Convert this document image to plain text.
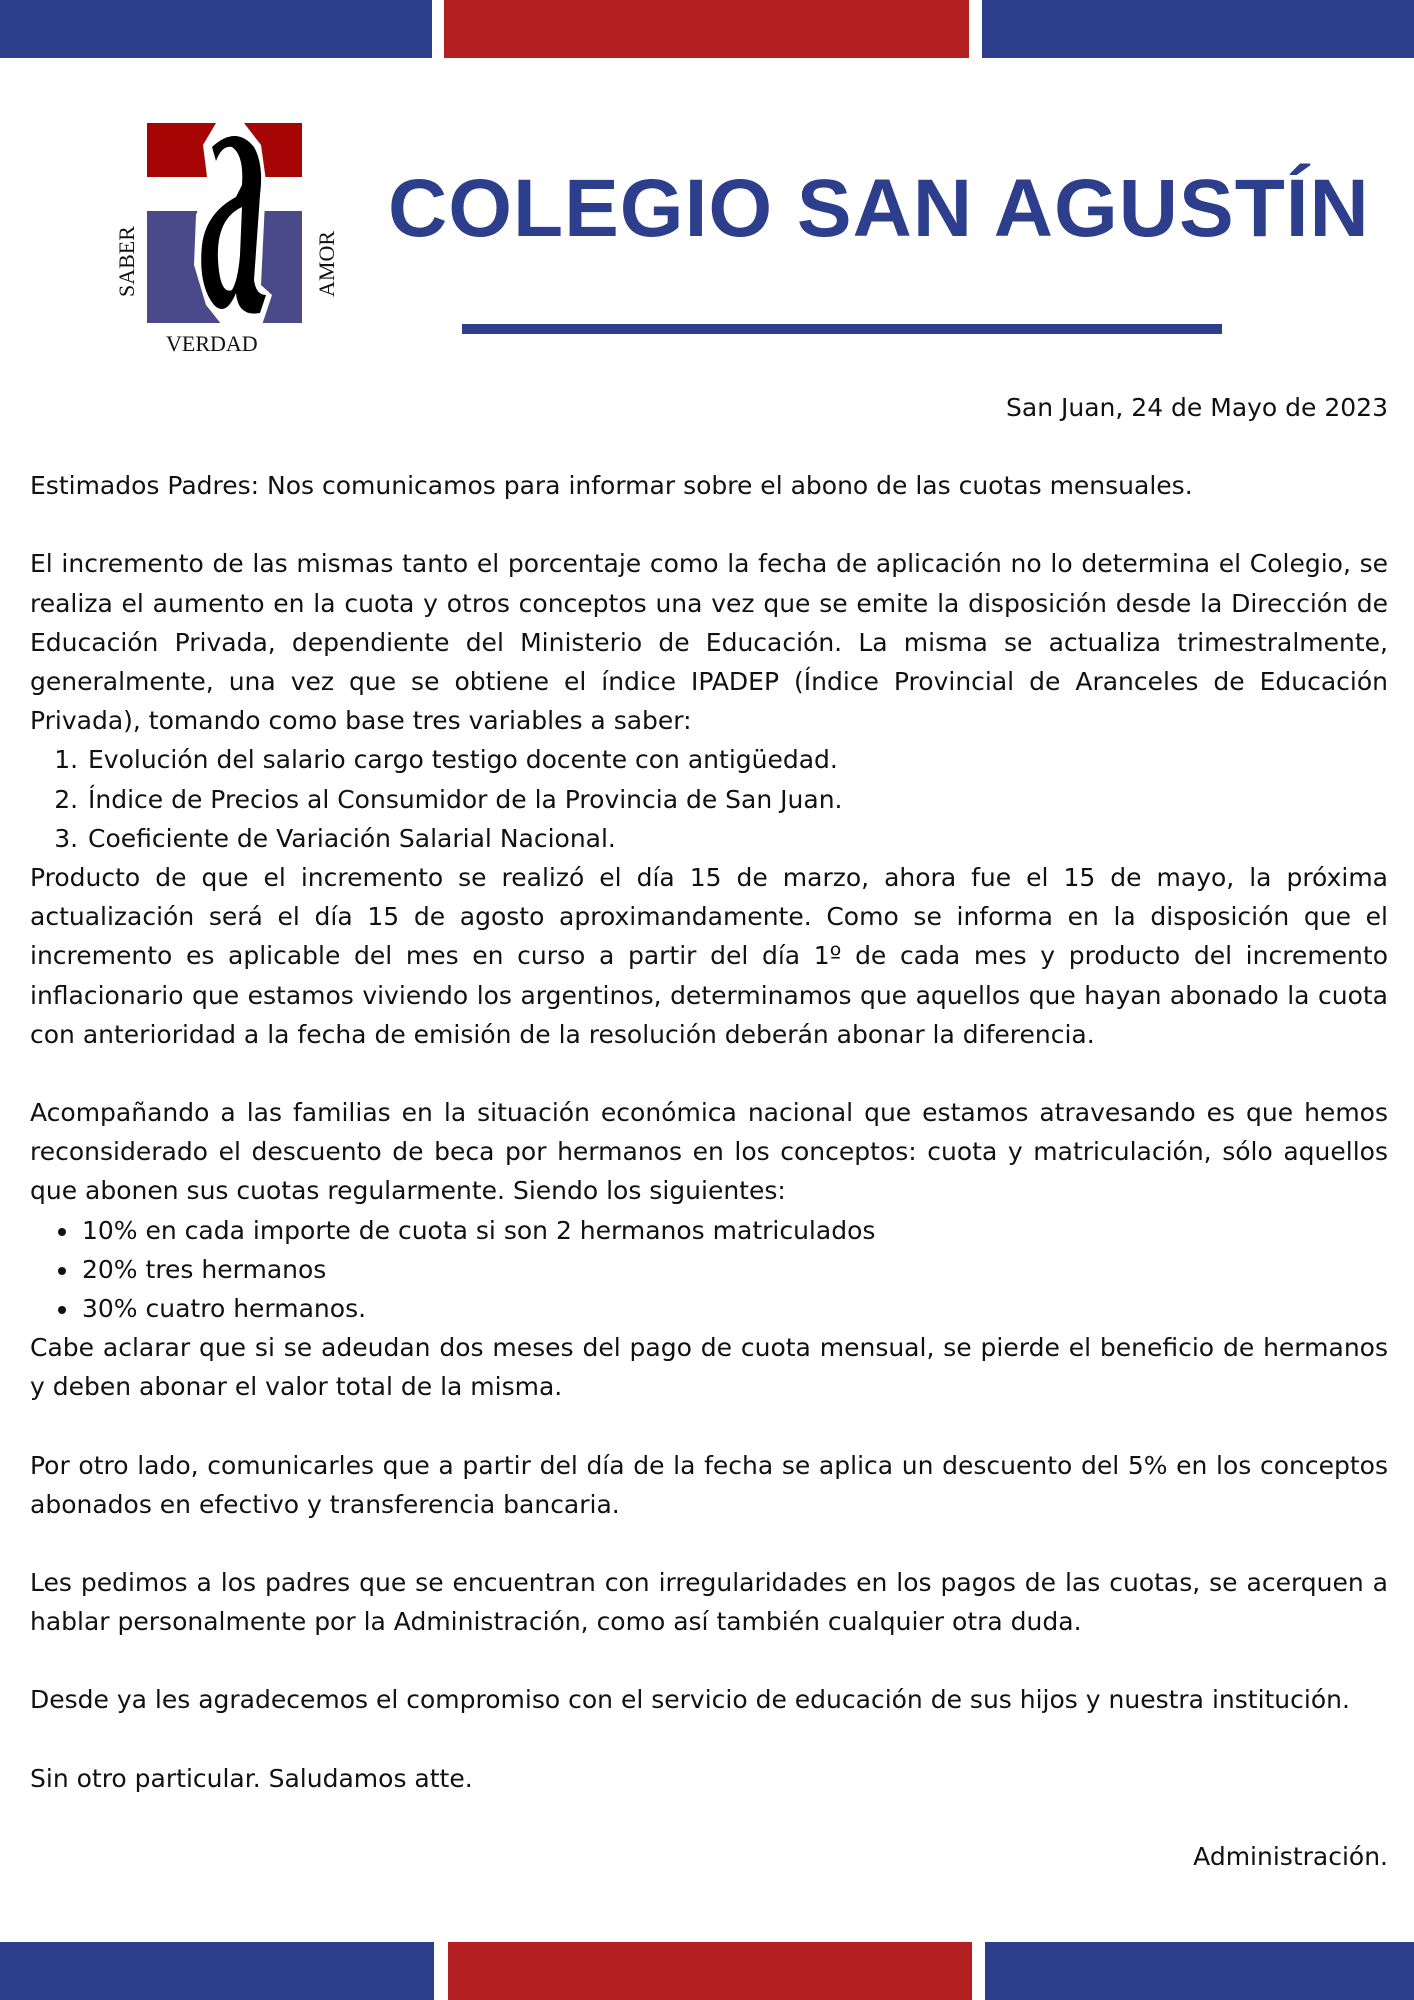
SABER	AMOR
VERDAD
COLEGIO SAN AGUSTÍN

San Juan, 24 de Mayo de 2023

Estimados Padres: Nos comunicamos para informar sobre el abono de las cuotas mensuales.

El incremento de las mismas tanto el porcentaje como la fecha de aplicación no lo determina el Colegio, se realiza el aumento en la cuota y otros conceptos una vez que se emite la disposición desde la Dirección de Educación Privada, dependiente del Ministerio de Educación. La misma se actualiza trimestralmente, generalmente, una vez que se obtiene el índice IPADEP (Índice Provincial de Aranceles de Educación Privada), tomando como base tres variables a saber:

1. Evolución del salario cargo testigo docente con antigüedad.
2. Índice de Precios al Consumidor de la Provincia de San Juan.
3. Coeficiente de Variación Salarial Nacional.

Producto de que el incremento se realizó el día 15 de marzo, ahora fue el 15 de mayo, la próxima actualización será el día 15 de agosto aproximandamente. Como se informa en la disposición que el incremento es aplicable del mes en curso a partir del día 1º de cada mes y producto del incremento inflacionario que estamos viviendo los argentinos, determinamos que aquellos que hayan abonado la cuota con anterioridad a la fecha de emisión de la resolución deberán abonar la diferencia.

Acompañando a las familias en la situación económica nacional que estamos atravesando es que hemos reconsiderado el descuento de beca por hermanos en los conceptos: cuota y matriculación, sólo aquellos que abonen sus cuotas regularmente. Siendo los siguientes:

• 10% en cada importe de cuota si son 2 hermanos matriculados
• 20% tres hermanos
• 30% cuatro hermanos.

Cabe aclarar que si se adeudan dos meses del pago de cuota mensual, se pierde el beneficio de hermanos y deben abonar el valor total de la misma.

Por otro lado, comunicarles que a partir del día de la fecha se aplica un descuento del 5% en los conceptos abonados en efectivo y transferencia bancaria.

Les pedimos a los padres que se encuentran con irregularidades en los pagos de las cuotas, se acerquen a hablar personalmente por la Administración, como así también cualquier otra duda.

Desde ya les agradecemos el compromiso con el servicio de educación de sus hijos y nuestra institución.

Sin otro particular. Saludamos atte.

Administración.
